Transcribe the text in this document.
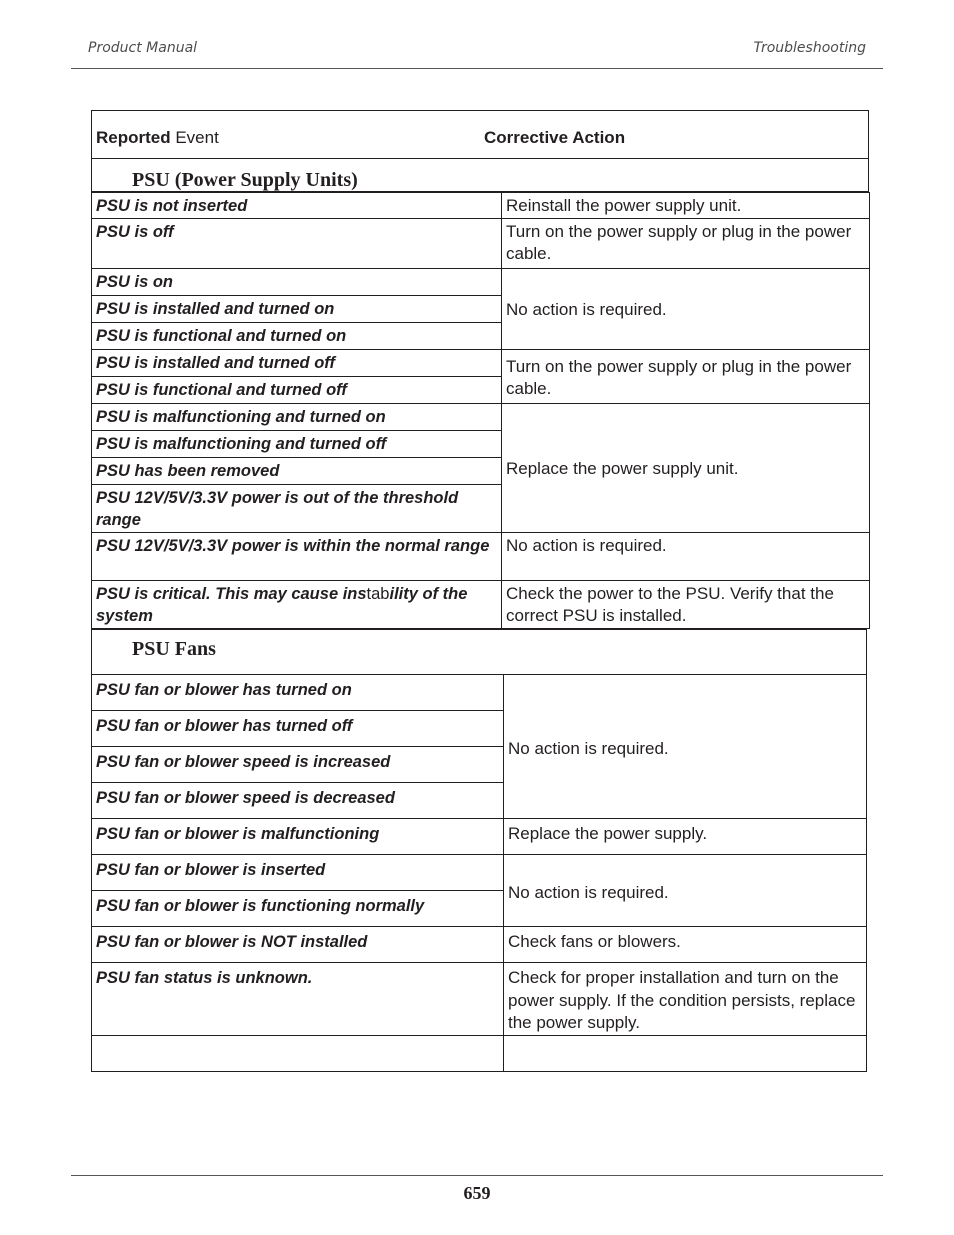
Product Manual	Troubleshooting
Reported Event	Corrective Action
PSU (Power Supply Units)
PSU is not inserted	Reinstall the power supply unit.
PSU is off	Turn on the power supply or plug in the power cable.
PSU is on	No action is required.
PSU is installed and turned on	
PSU is functional and turned on	
PSU is installed and turned off	Turn on the power supply or plug in the power cable.
PSU is functional and turned off	
PSU is malfunctioning and turned on	Replace the power supply unit.
PSU is malfunctioning and turned off	
PSU has been removed	
PSU 12V/5V/3.3V power is out of the threshold range	
PSU 12V/5V/3.3V power is within the normal range	No action is required.
PSU is critical. This may cause instability of the system	Check the power to the PSU. Verify that the correct PSU is installed.
PSU Fans
PSU fan or blower has turned on	No action is required.
PSU fan or blower has turned off	
PSU fan or blower speed is increased	
PSU fan or blower speed is decreased	
PSU fan or blower is malfunctioning	Replace the power supply.
PSU fan or blower is inserted	No action is required.
PSU fan or blower is functioning normally	
PSU fan or blower is NOT installed	Check fans or blowers.
PSU fan status is unknown.	Check for proper installation and turn on the power supply. If the condition persists, replace the power supply.

659
